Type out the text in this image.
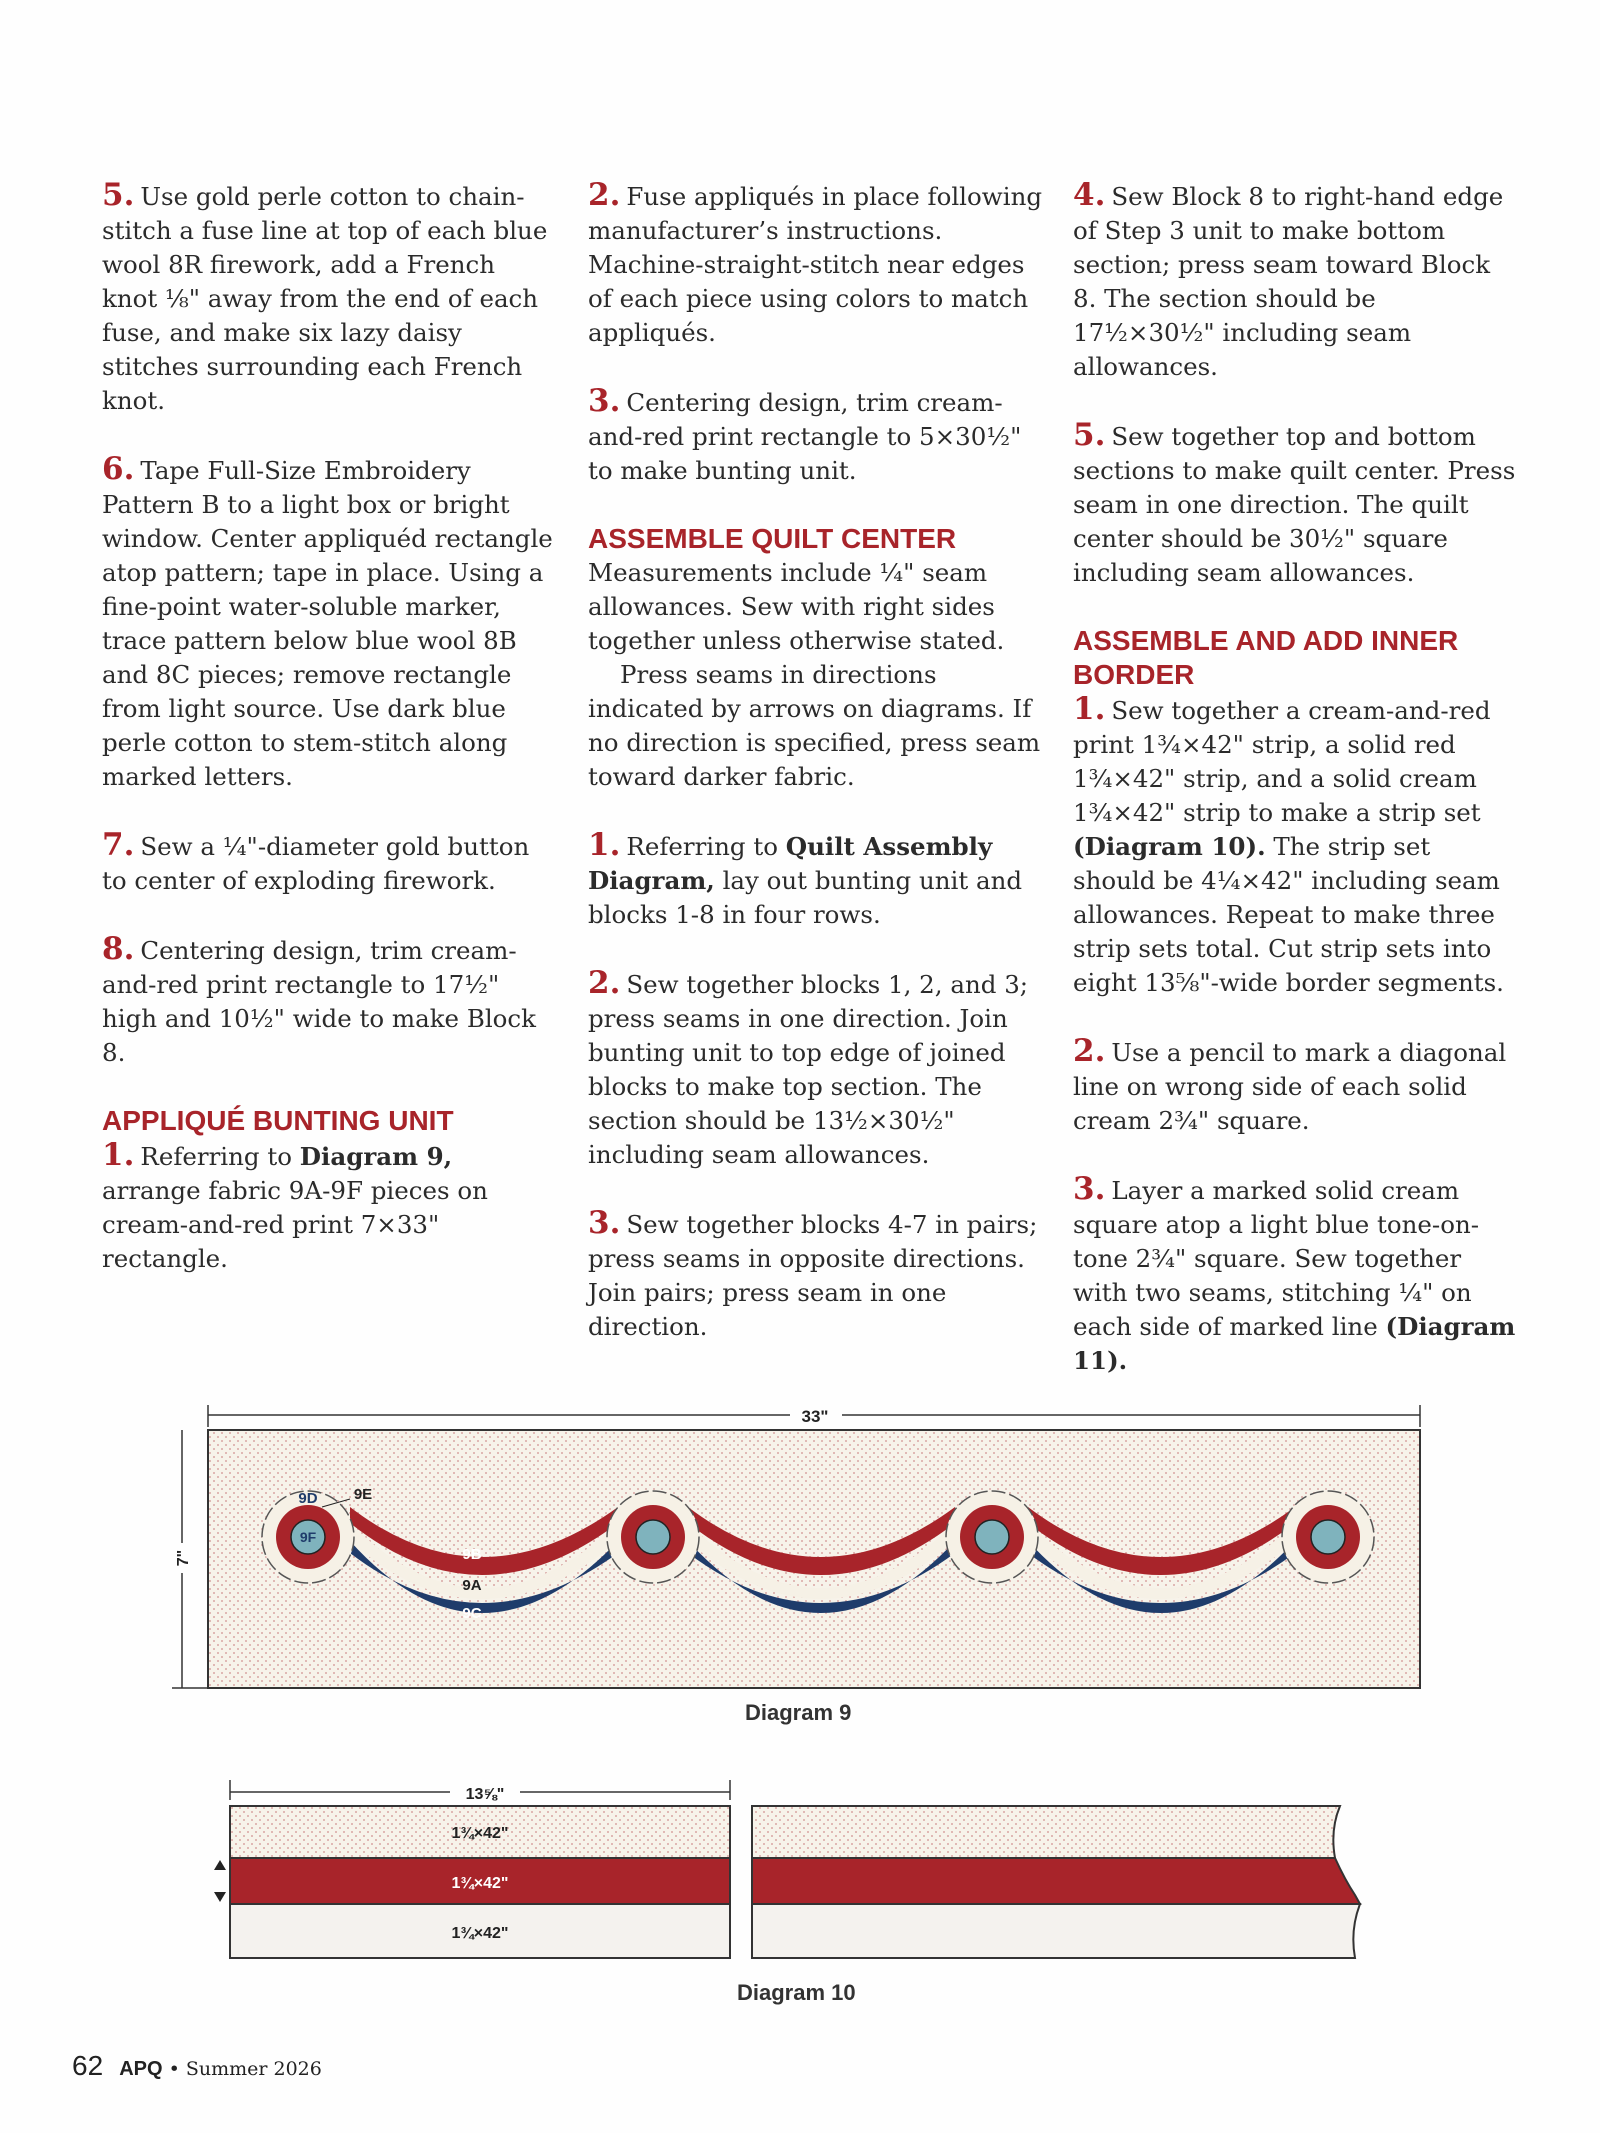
5. Use gold perle cotton to chain-stitch a fuse line at top of each blue wool 8R firework, add a French knot ⅛" away from the end of each fuse, and make six lazy daisy stitches surrounding each French knot.
6. Tape Full-Size Embroidery Pattern B to a light box or bright window. Center appliquéd rectangle atop pattern; tape in place. Using a fine-point water-soluble marker, trace pattern below blue wool 8B and 8C pieces; remove rectangle from light source. Use dark blue perle cotton to stem-stitch along marked letters.
7. Sew a ¼"-diameter gold button to center of exploding firework.
8. Centering design, trim cream-and-red print rectangle to 17½" high and 10½" wide to make Block 8.
APPLIQUÉ BUNTING UNIT
1. Referring to Diagram 9, arrange fabric 9A-9F pieces on cream-and-red print 7×33" rectangle.
2. Fuse appliqués in place following manufacturer’s instructions. Machine-straight-stitch near edges of each piece using colors to match appliqués.
3. Centering design, trim cream-and-red print rectangle to 5×30½" to make bunting unit.
ASSEMBLE QUILT CENTER

Measurements include ¼" seam allowances. Sew with right sides together unless otherwise stated.

Press seams in directions indicated by arrows on diagrams. If no direction is specified, press seam toward darker fabric.

1. Referring to Quilt Assembly Diagram, lay out bunting unit and blocks 1-8 in four rows.
2. Sew together blocks 1, 2, and 3; press seams in one direction. Join bunting unit to top edge of joined blocks to make top section. The section should be 13½×30½" including seam allowances.
3. Sew together blocks 4-7 in pairs; press seams in opposite directions. Join pairs; press seam in one direction.
4. Sew Block 8 to right-hand edge of Step 3 unit to make bottom section; press seam toward Block 8. The section should be 17½×30½" including seam allowances.
5. Sew together top and bottom sections to make quilt center. Press seam in one direction. The quilt center should be 30½" square including seam allowances.
ASSEMBLE AND ADD INNER BORDER
1. Sew together a cream-and-red print 1¾×42" strip, a solid red 1¾×42" strip, and a solid cream 1¾×42" strip to make a strip set (Diagram 10). The strip set should be 4¼×42" including seam allowances. Repeat to make three strip sets total. Cut strip sets into eight 13⅝"-wide border segments.
2. Use a pencil to mark a diagonal line on wrong side of each solid cream 2¾" square.
3. Layer a marked solid cream square atop a light blue tone-on-tone 2¾" square. Sew together with two seams, stitching ¼" on each side of marked line (Diagram 11).
33"
7"
9D 9E
9F
9B
9A
9C
Diagram 9
13⅝"
1¾×42"
1¾×42"
1¾×42"
Diagram 10
62 APQ • Summer 2026
